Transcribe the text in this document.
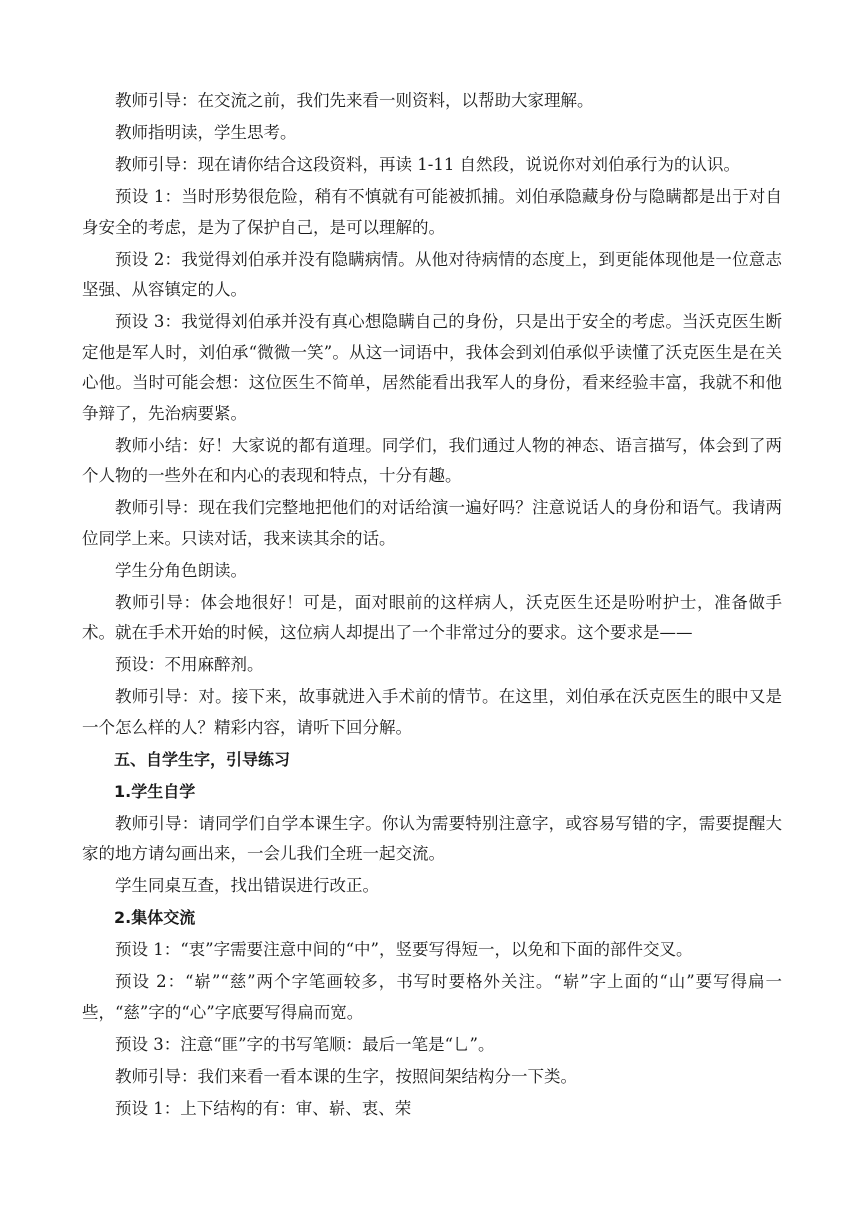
教师引导：在交流之前，我们先来看一则资料，以帮助大家理解。

教师指明读，学生思考。

教师引导：现在请你结合这段资料，再读 1-11 自然段，说说你对刘伯承行为的认识。

预设 1：当时形势很危险，稍有不慎就有可能被抓捕。刘伯承隐藏身份与隐瞒都是出于对自身安全的考虑，是为了保护自己，是可以理解的。

预设 2：我觉得刘伯承并没有隐瞒病情。从他对待病情的态度上，到更能体现他是一位意志坚强、从容镇定的人。

预设 3：我觉得刘伯承并没有真心想隐瞒自己的身份，只是出于安全的考虑。当沃克医生断定他是军人时，刘伯承“微微一笑”。从这一词语中，我体会到刘伯承似乎读懂了沃克医生是在关心他。当时可能会想：这位医生不简单，居然能看出我军人的身份，看来经验丰富，我就不和他争辩了，先治病要紧。

教师小结：好！大家说的都有道理。同学们，我们通过人物的神态、语言描写，体会到了两个人物的一些外在和内心的表现和特点，十分有趣。

教师引导：现在我们完整地把他们的对话给演一遍好吗？注意说话人的身份和语气。我请两位同学上来。只读对话，我来读其余的话。

学生分角色朗读。

教师引导：体会地很好！可是，面对眼前的这样病人，沃克医生还是吩咐护士，准备做手术。就在手术开始的时候，这位病人却提出了一个非常过分的要求。这个要求是——

预设：不用麻醉剂。

教师引导：对。接下来，故事就进入手术前的情节。在这里，刘伯承在沃克医生的眼中又是一个怎么样的人？精彩内容，请听下回分解。

五、自学生字，引导练习

1.学生自学

教师引导：请同学们自学本课生字。你认为需要特别注意字，或容易写错的字，需要提醒大家的地方请勾画出来，一会儿我们全班一起交流。

学生同桌互查，找出错误进行改正。

2.集体交流

预设 1：“衷”字需要注意中间的“中”，竖要写得短一，以免和下面的部件交叉。

预设 2：“崭”“慈”两个字笔画较多，书写时要格外关注。“崭”字上面的“山”要写得扁一些，“慈”字的“心”字底要写得扁而宽。

预设 3：注意“匪”字的书写笔顺：最后一笔是“乚”。

教师引导：我们来看一看本课的生字，按照间架结构分一下类。

预设 1：上下结构的有：审、崭、衷、荣
